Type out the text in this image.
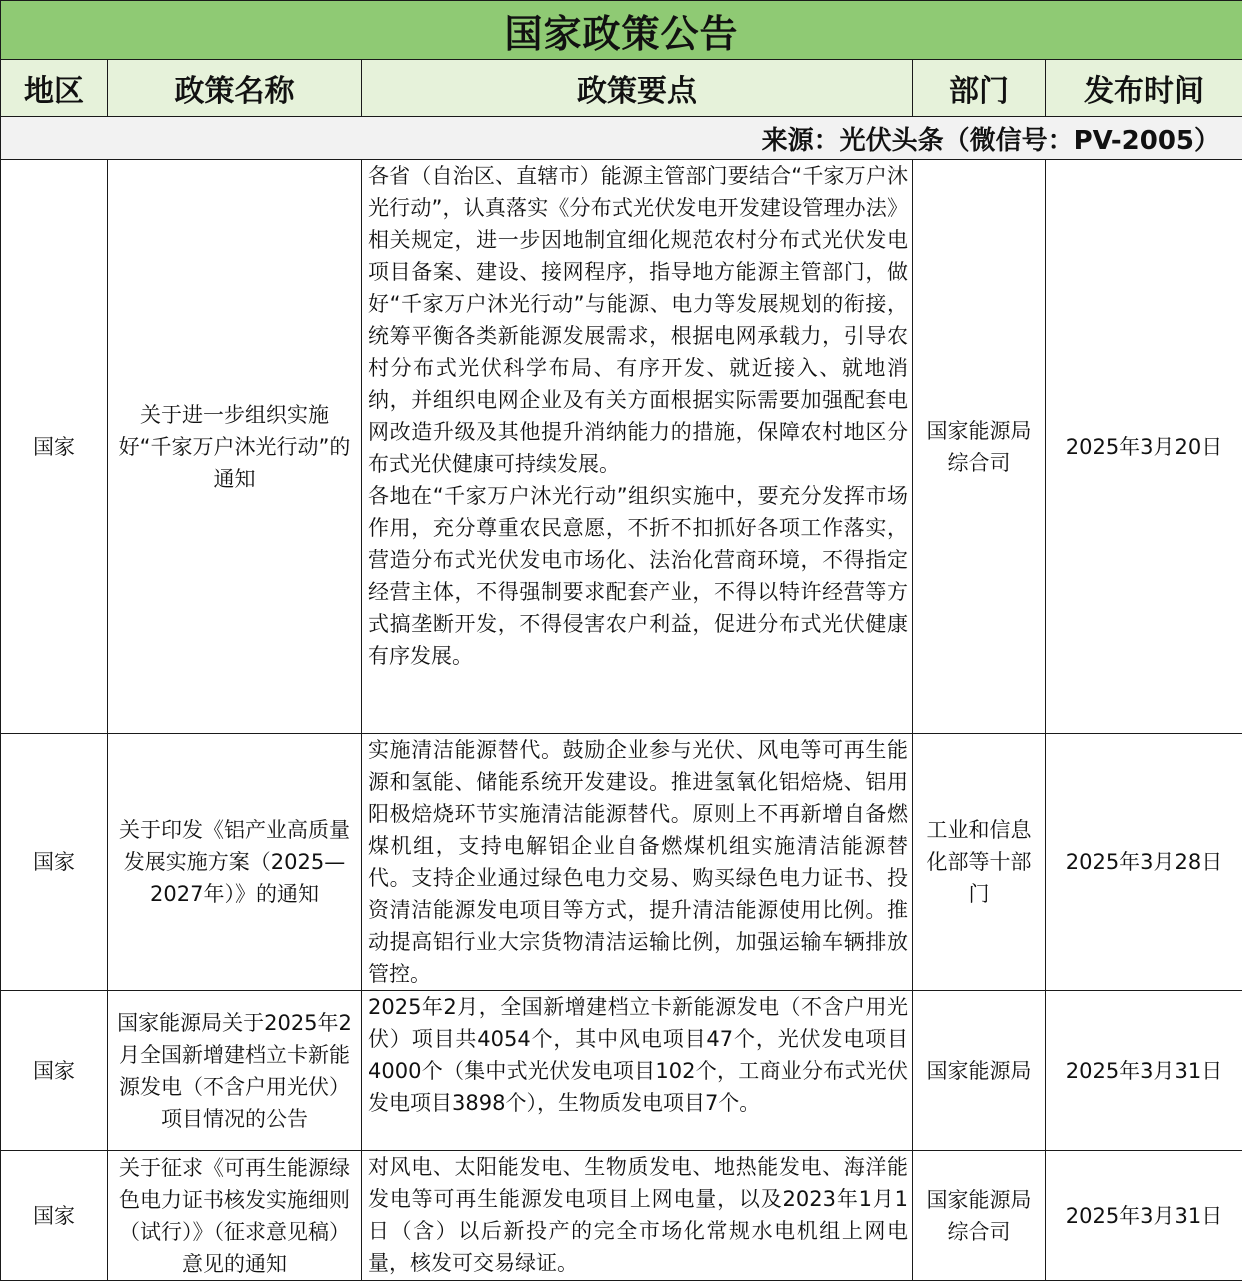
国家政策公告				
地区	政策名称	政策要点	部门	发布时间
来源：光伏头条（微信号：PV-2005）				
国家	关于进一步组织实施好“千家万户沐光行动”的通知	各省（自治区、直辖市）能源主管部门要结合“千家万户沐光行动”，认真落实《分布式光伏发电开发建设管理办法》相关规定，进一步因地制宜细化规范农村分布式光伏发电项目备案、建设、接网程序，指导地方能源主管部门，做好“千家万户沐光行动”与能源、电力等发展规划的衔接，统筹平衡各类新能源发展需求，根据电网承载力，引导农村分布式光伏科学布局、有序开发、就近接入、就地消纳，并组织电网企业及有关方面根据实际需要加强配套电网改造升级及其他提升消纳能力的措施，保障农村地区分布式光伏健康可持续发展。

各地在“千家万户沐光行动”组织实施中，要充分发挥市场作用，充分尊重农民意愿，不折不扣抓好各项工作落实，营造分布式光伏发电市场化、法治化营商环境，不得指定经营主体，不得强制要求配套产业，不得以特许经营等方式搞垄断开发，不得侵害农户利益，促进分布式光伏健康有序发展。	国家能源局综合司	2025年3月20日
国家	关于印发《铝产业高质量发展实施方案（2025—2027年）》的通知	实施清洁能源替代。鼓励企业参与光伏、风电等可再生能源和氢能、储能系统开发建设。推进氢氧化铝焙烧、铝用阳极焙烧环节实施清洁能源替代。原则上不再新增自备燃煤机组，支持电解铝企业自备燃煤机组实施清洁能源替代。支持企业通过绿色电力交易、购买绿色电力证书、投资清洁能源发电项目等方式，提升清洁能源使用比例。推动提高铝行业大宗货物清洁运输比例，加强运输车辆排放管控。	工业和信息化部等十部门	2025年3月28日
国家	国家能源局关于2025年2月全国新增建档立卡新能源发电（不含户用光伏）项目情况的公告	2025年2月，全国新增建档立卡新能源发电（不含户用光伏）项目共4054个，其中风电项目47个，光伏发电项目4000个（集中式光伏发电项目102个，工商业分布式光伏发电项目3898个），生物质发电项目7个。	国家能源局	2025年3月31日
国家	关于征求《可再生能源绿色电力证书核发实施细则（试行）》（征求意见稿）意见的通知	对风电、太阳能发电、生物质发电、地热能发电、海洋能发电等可再生能源发电项目上网电量，以及2023年1月1日（含）以后新投产的完全市场化常规水电机组上网电量，核发可交易绿证。	国家能源局综合司	2025年3月31日
